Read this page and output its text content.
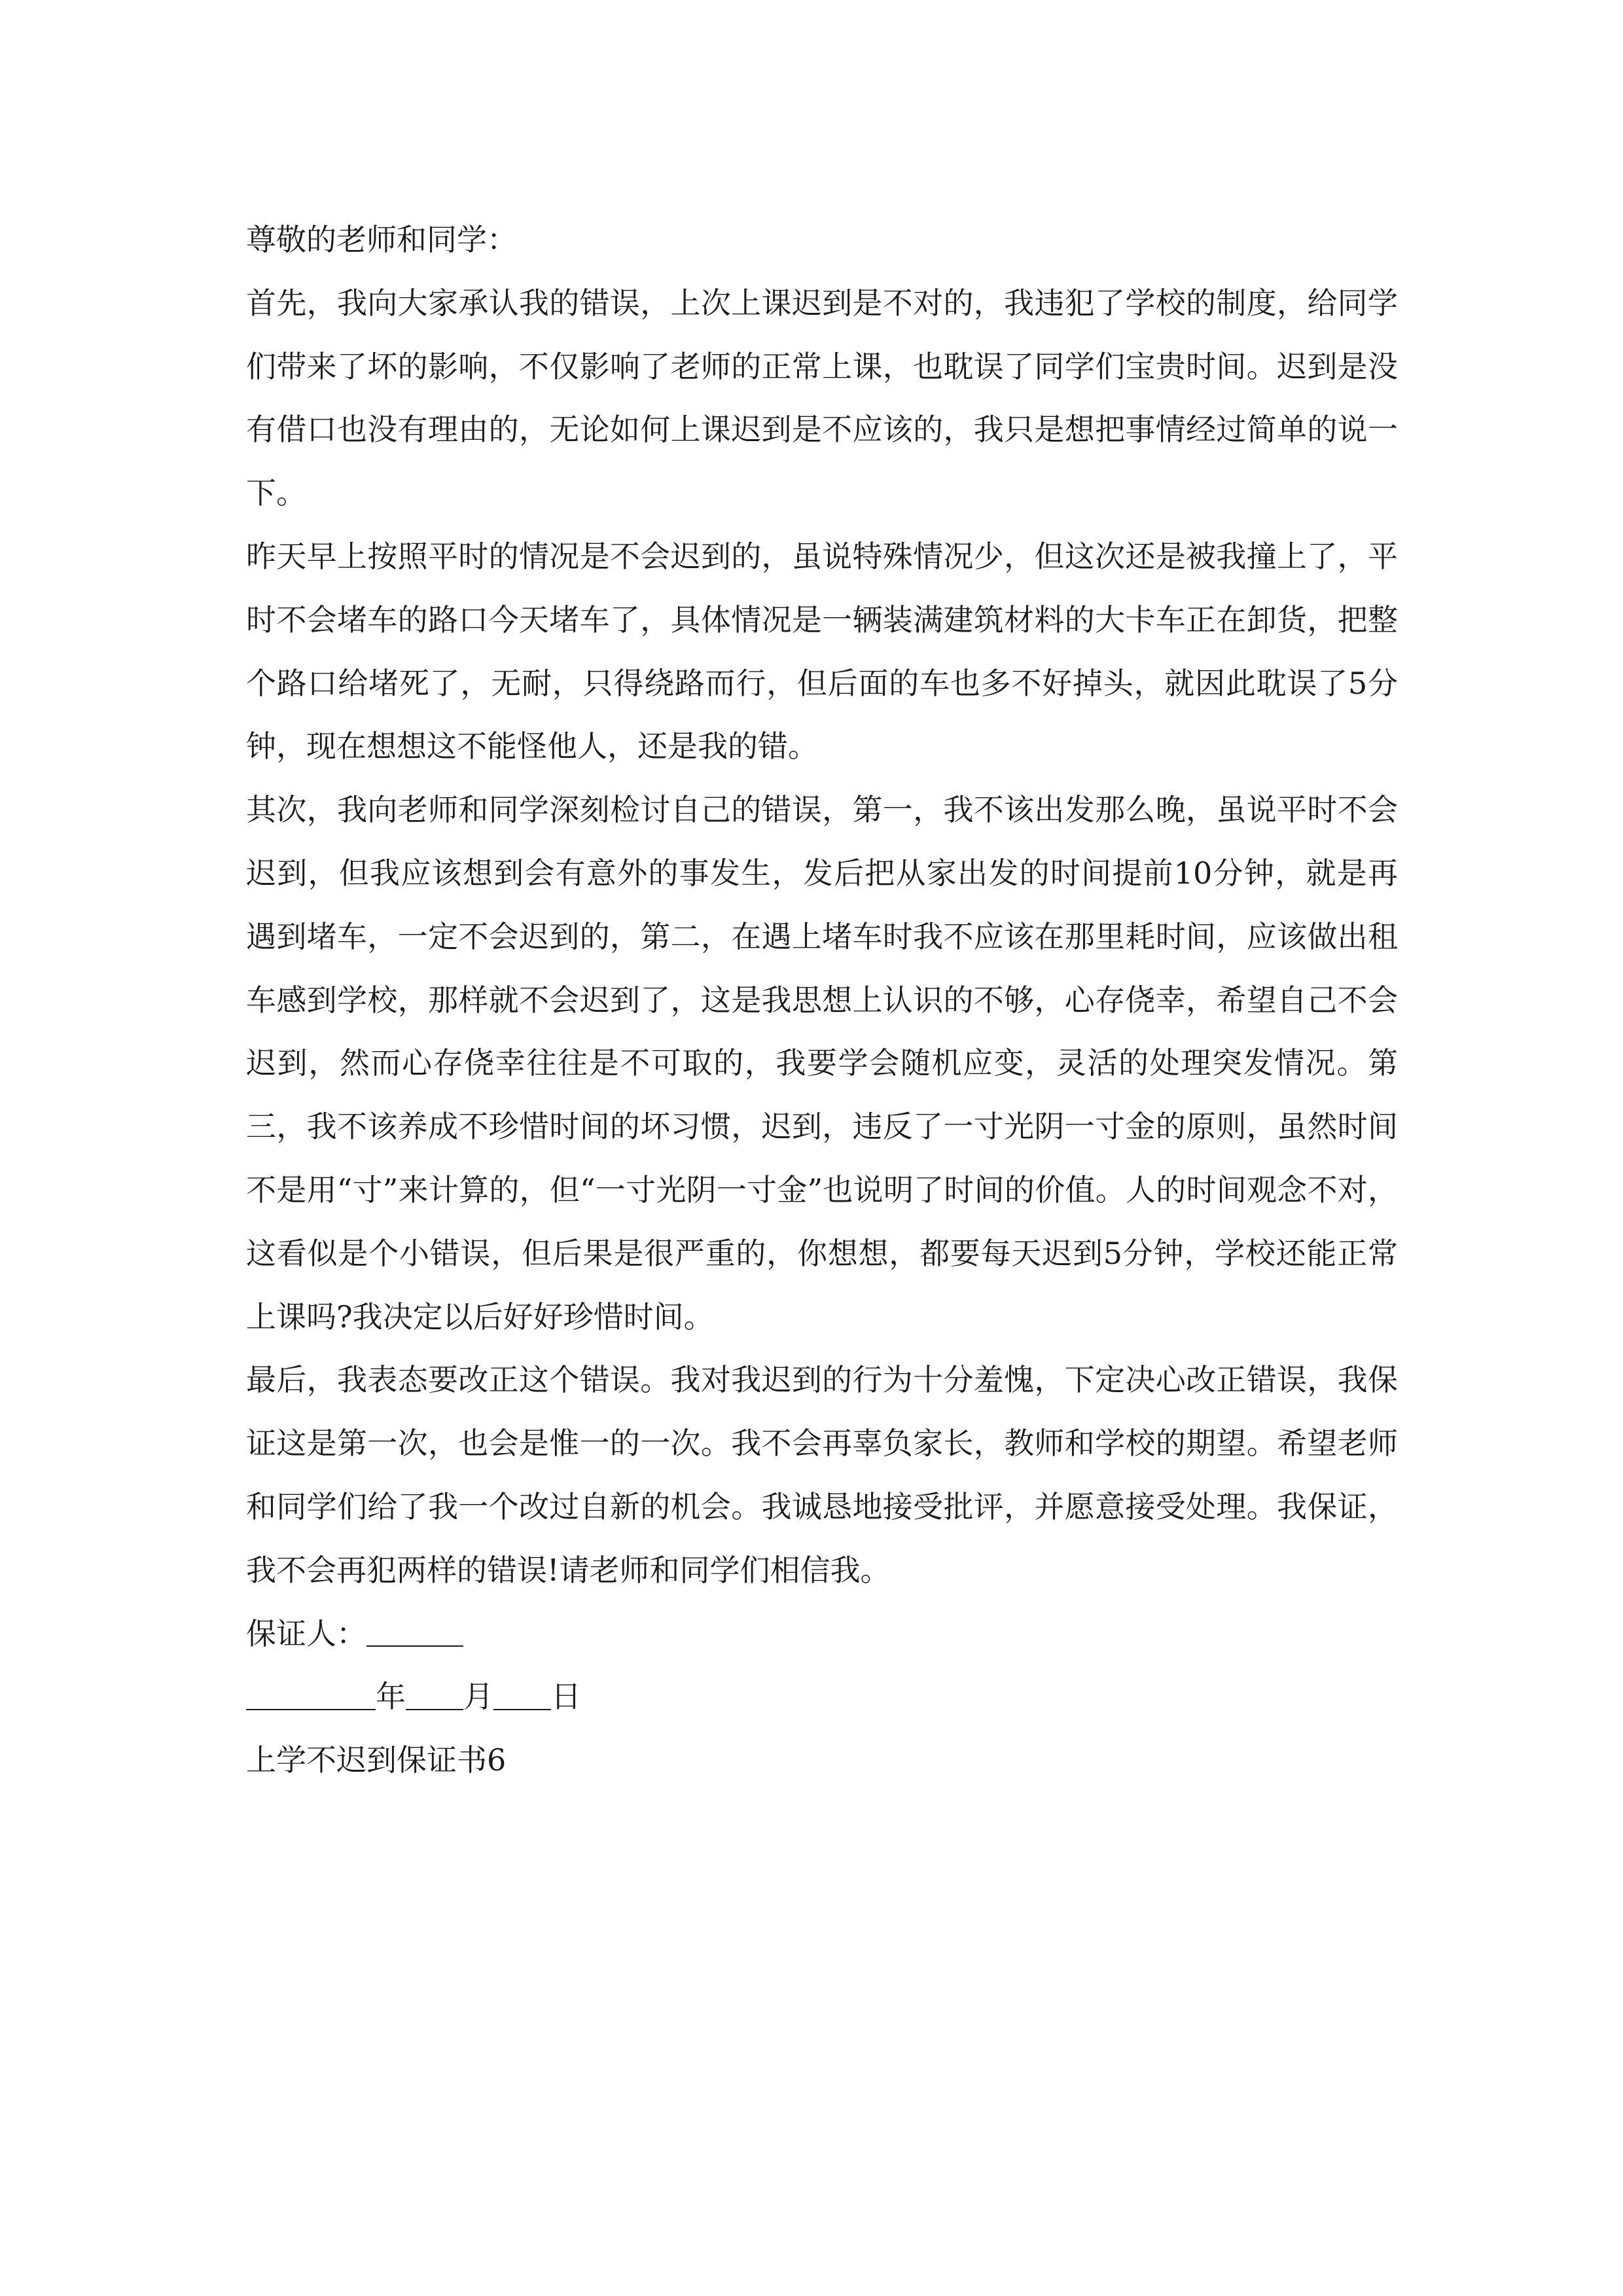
尊敬的老师和同学：

首先，我向大家承认我的错误，上次上课迟到是不对的，我违犯了学校的制度，给同学们带来了坏的影响，不仅影响了老师的正常上课，也耽误了同学们宝贵时间。迟到是没有借口也没有理由的，无论如何上课迟到是不应该的，我只是想把事情经过简单的说一下。

昨天早上按照平时的情况是不会迟到的，虽说特殊情况少，但这次还是被我撞上了，平时不会堵车的路口今天堵车了，具体情况是一辆装满建筑材料的大卡车正在卸货，把整个路口给堵死了，无耐，只得绕路而行，但后面的车也多不好掉头，就因此耽误了5分钟，现在想想这不能怪他人，还是我的错。

其次，我向老师和同学深刻检讨自己的错误，第一，我不该出发那么晚，虽说平时不会迟到，但我应该想到会有意外的事发生，发后把从家出发的时间提前10分钟，就是再遇到堵车，一定不会迟到的，第二，在遇上堵车时我不应该在那里耗时间，应该做出租车感到学校，那样就不会迟到了，这是我思想上认识的不够，心存侥幸，希望自己不会迟到，然而心存侥幸往往是不可取的，我要学会随机应变，灵活的处理突发情况。第三，我不该养成不珍惜时间的坏习惯，迟到，违反了一寸光阴一寸金的原则，虽然时间不是用“寸”来计算的，但“一寸光阴一寸金”也说明了时间的价值。人的时间观念不对，这看似是个小错误，但后果是很严重的，你想想，都要每天迟到5分钟，学校还能正常上课吗?我决定以后好好珍惜时间。

最后，我表态要改正这个错误。我对我迟到的行为十分羞愧，下定决心改正错误，我保证这是第一次，也会是惟一的一次。我不会再辜负家长，教师和学校的期望。希望老师和同学们给了我一个改过自新的机会。我诚恳地接受批评，并愿意接受处理。我保证，我不会再犯两样的错误!请老师和同学们相信我。

保证人：

年 月 日

上学不迟到保证书6
